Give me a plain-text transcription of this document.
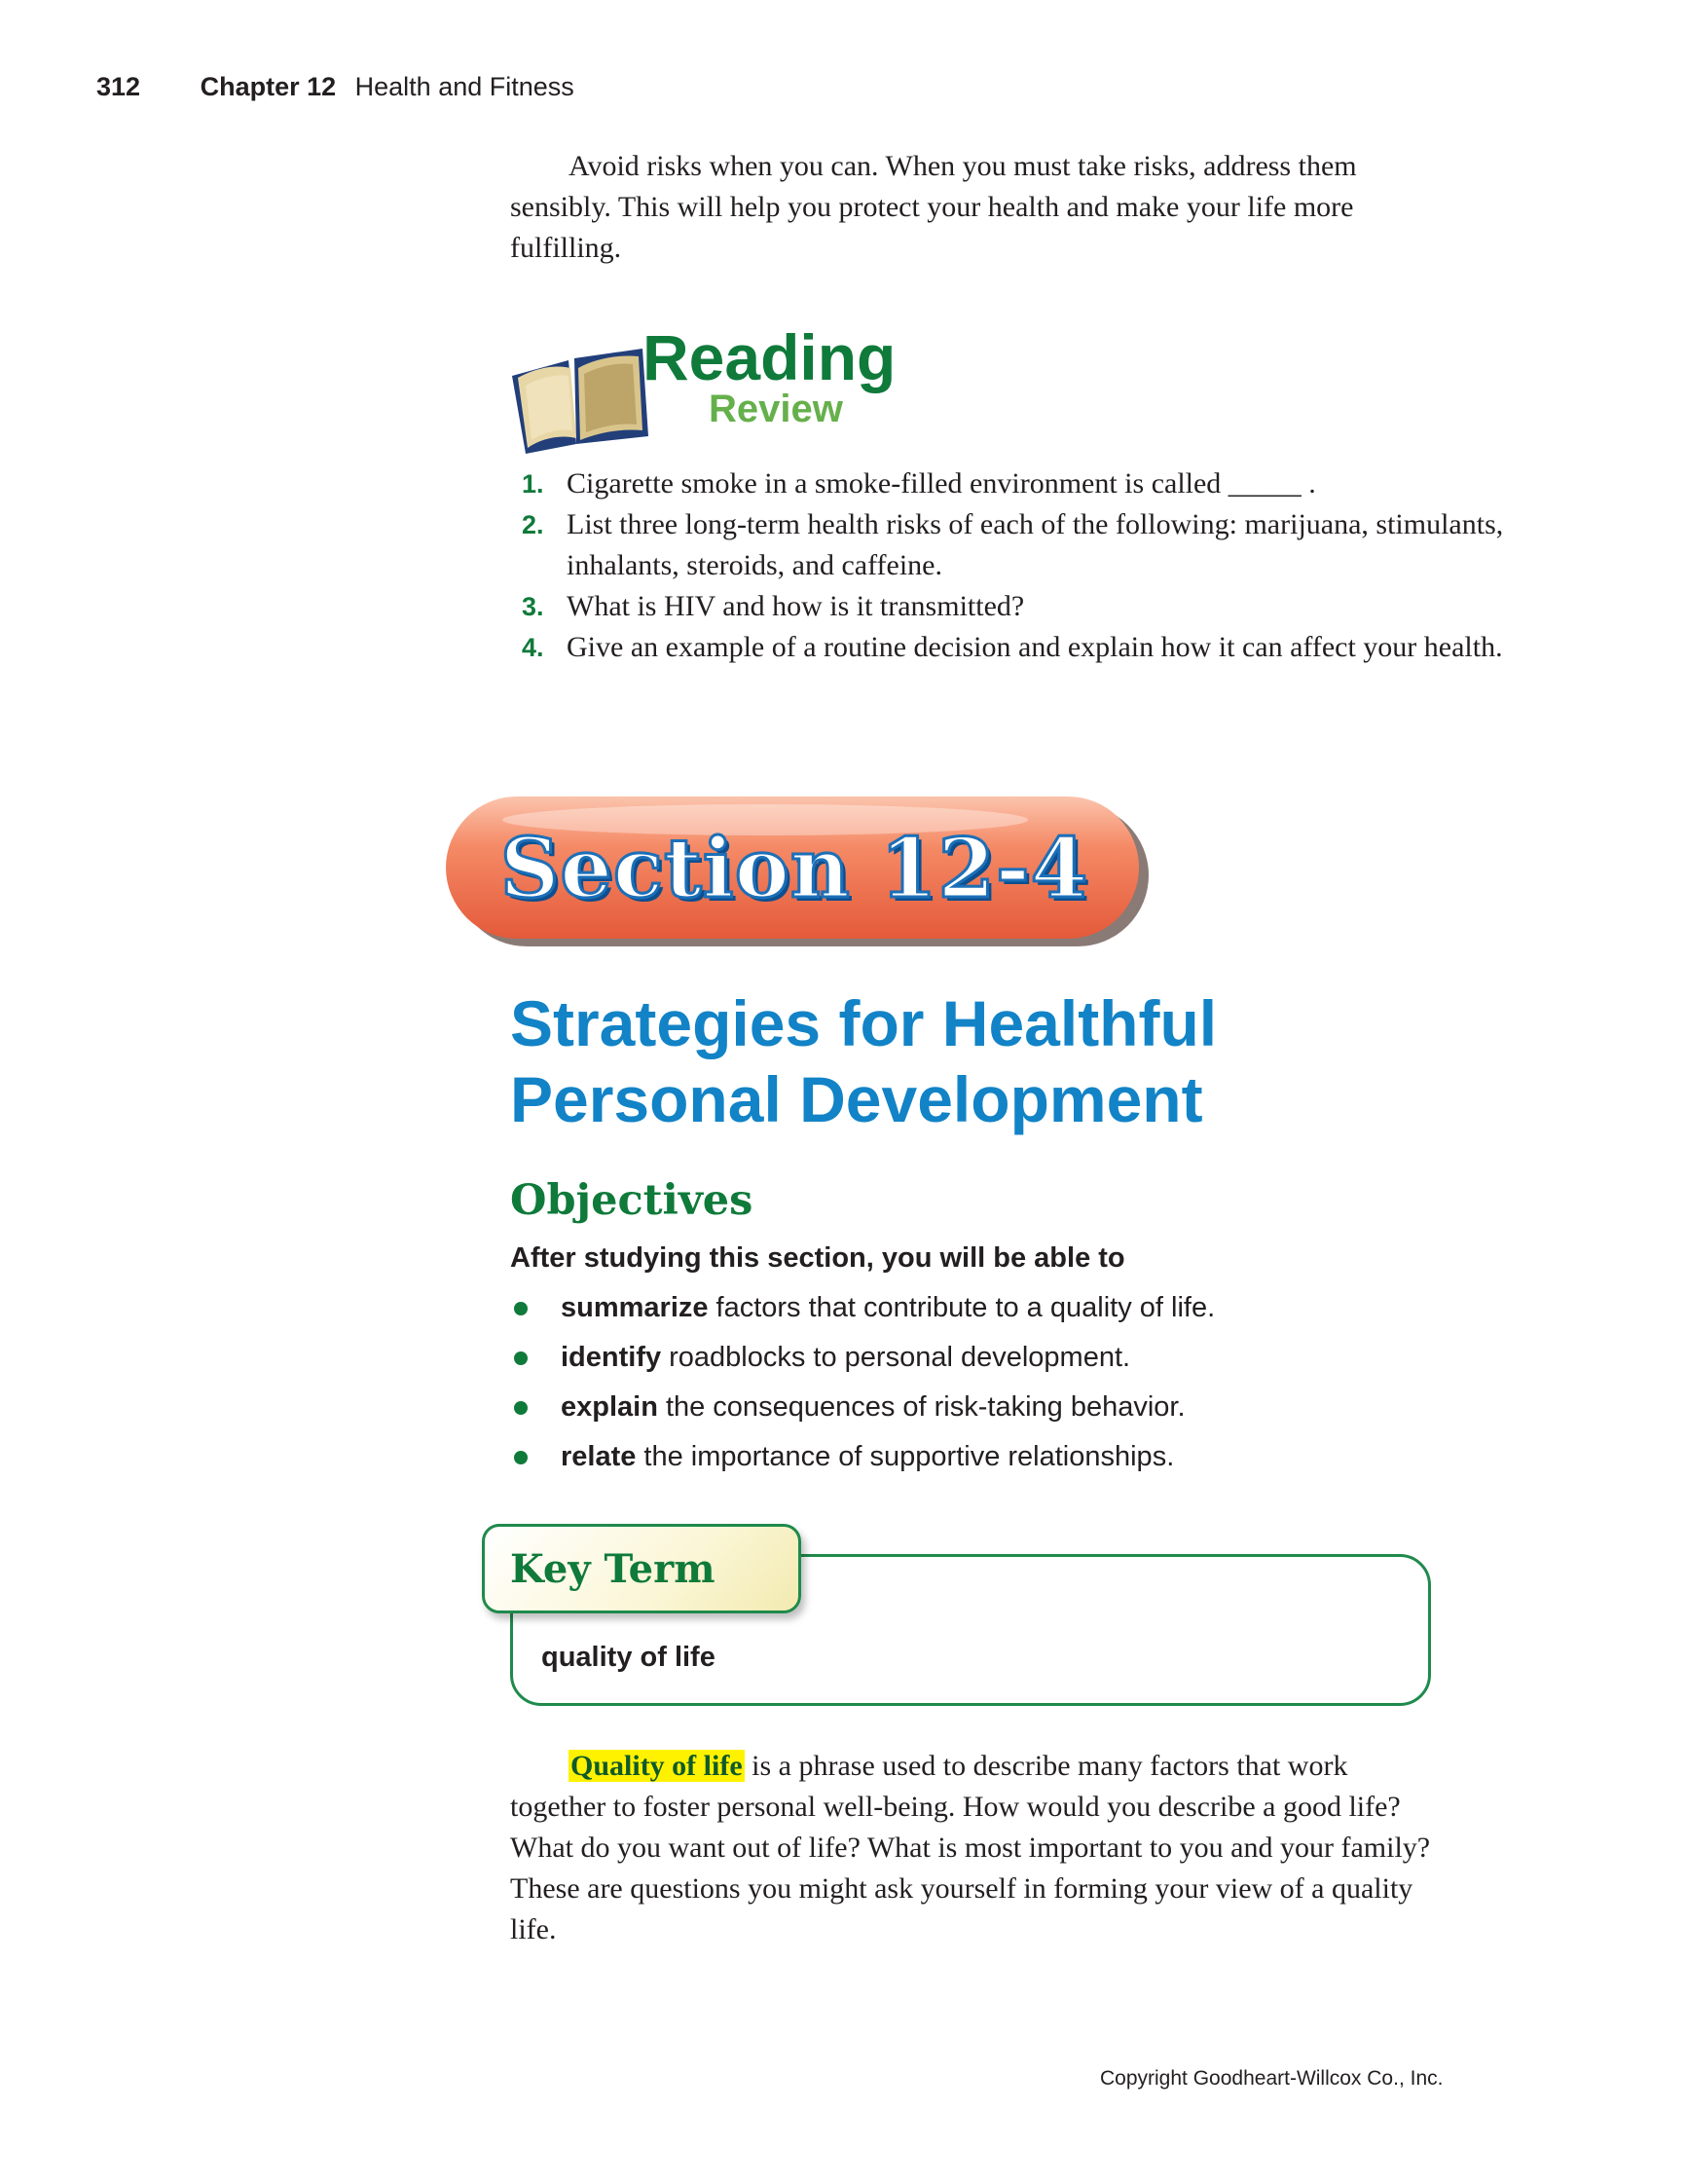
312 Chapter 12 Health and Fitness
Avoid risks when you can. When you must take risks, address them sensibly. This will help you protect your health and make your life more fulfilling.
Reading
Review
1. Cigarette smoke in a smoke-filled environment is called _____ .
2. List three long-term health risks of each of the following: marijuana, stimulants, inhalants, steroids, and caffeine.
3. What is HIV and how is it transmitted?
4. Give an example of a routine decision and explain how it can affect your health.
Section 12-4
Strategies for Healthful
Personal Development
Objectives
After studying this section, you will be able to
summarize factors that contribute to a quality of life.
identify roadblocks to personal development.
explain the consequences of risk-taking behavior.
relate the importance of supportive relationships.
Key Term
quality of life
Quality of life is a phrase used to describe many factors that work together to foster personal well-being. How would you describe a good life? What do you want out of life? What is most important to you and your family? These are questions you might ask yourself in forming your view of a quality life.
Copyright Goodheart-Willcox Co., Inc.
